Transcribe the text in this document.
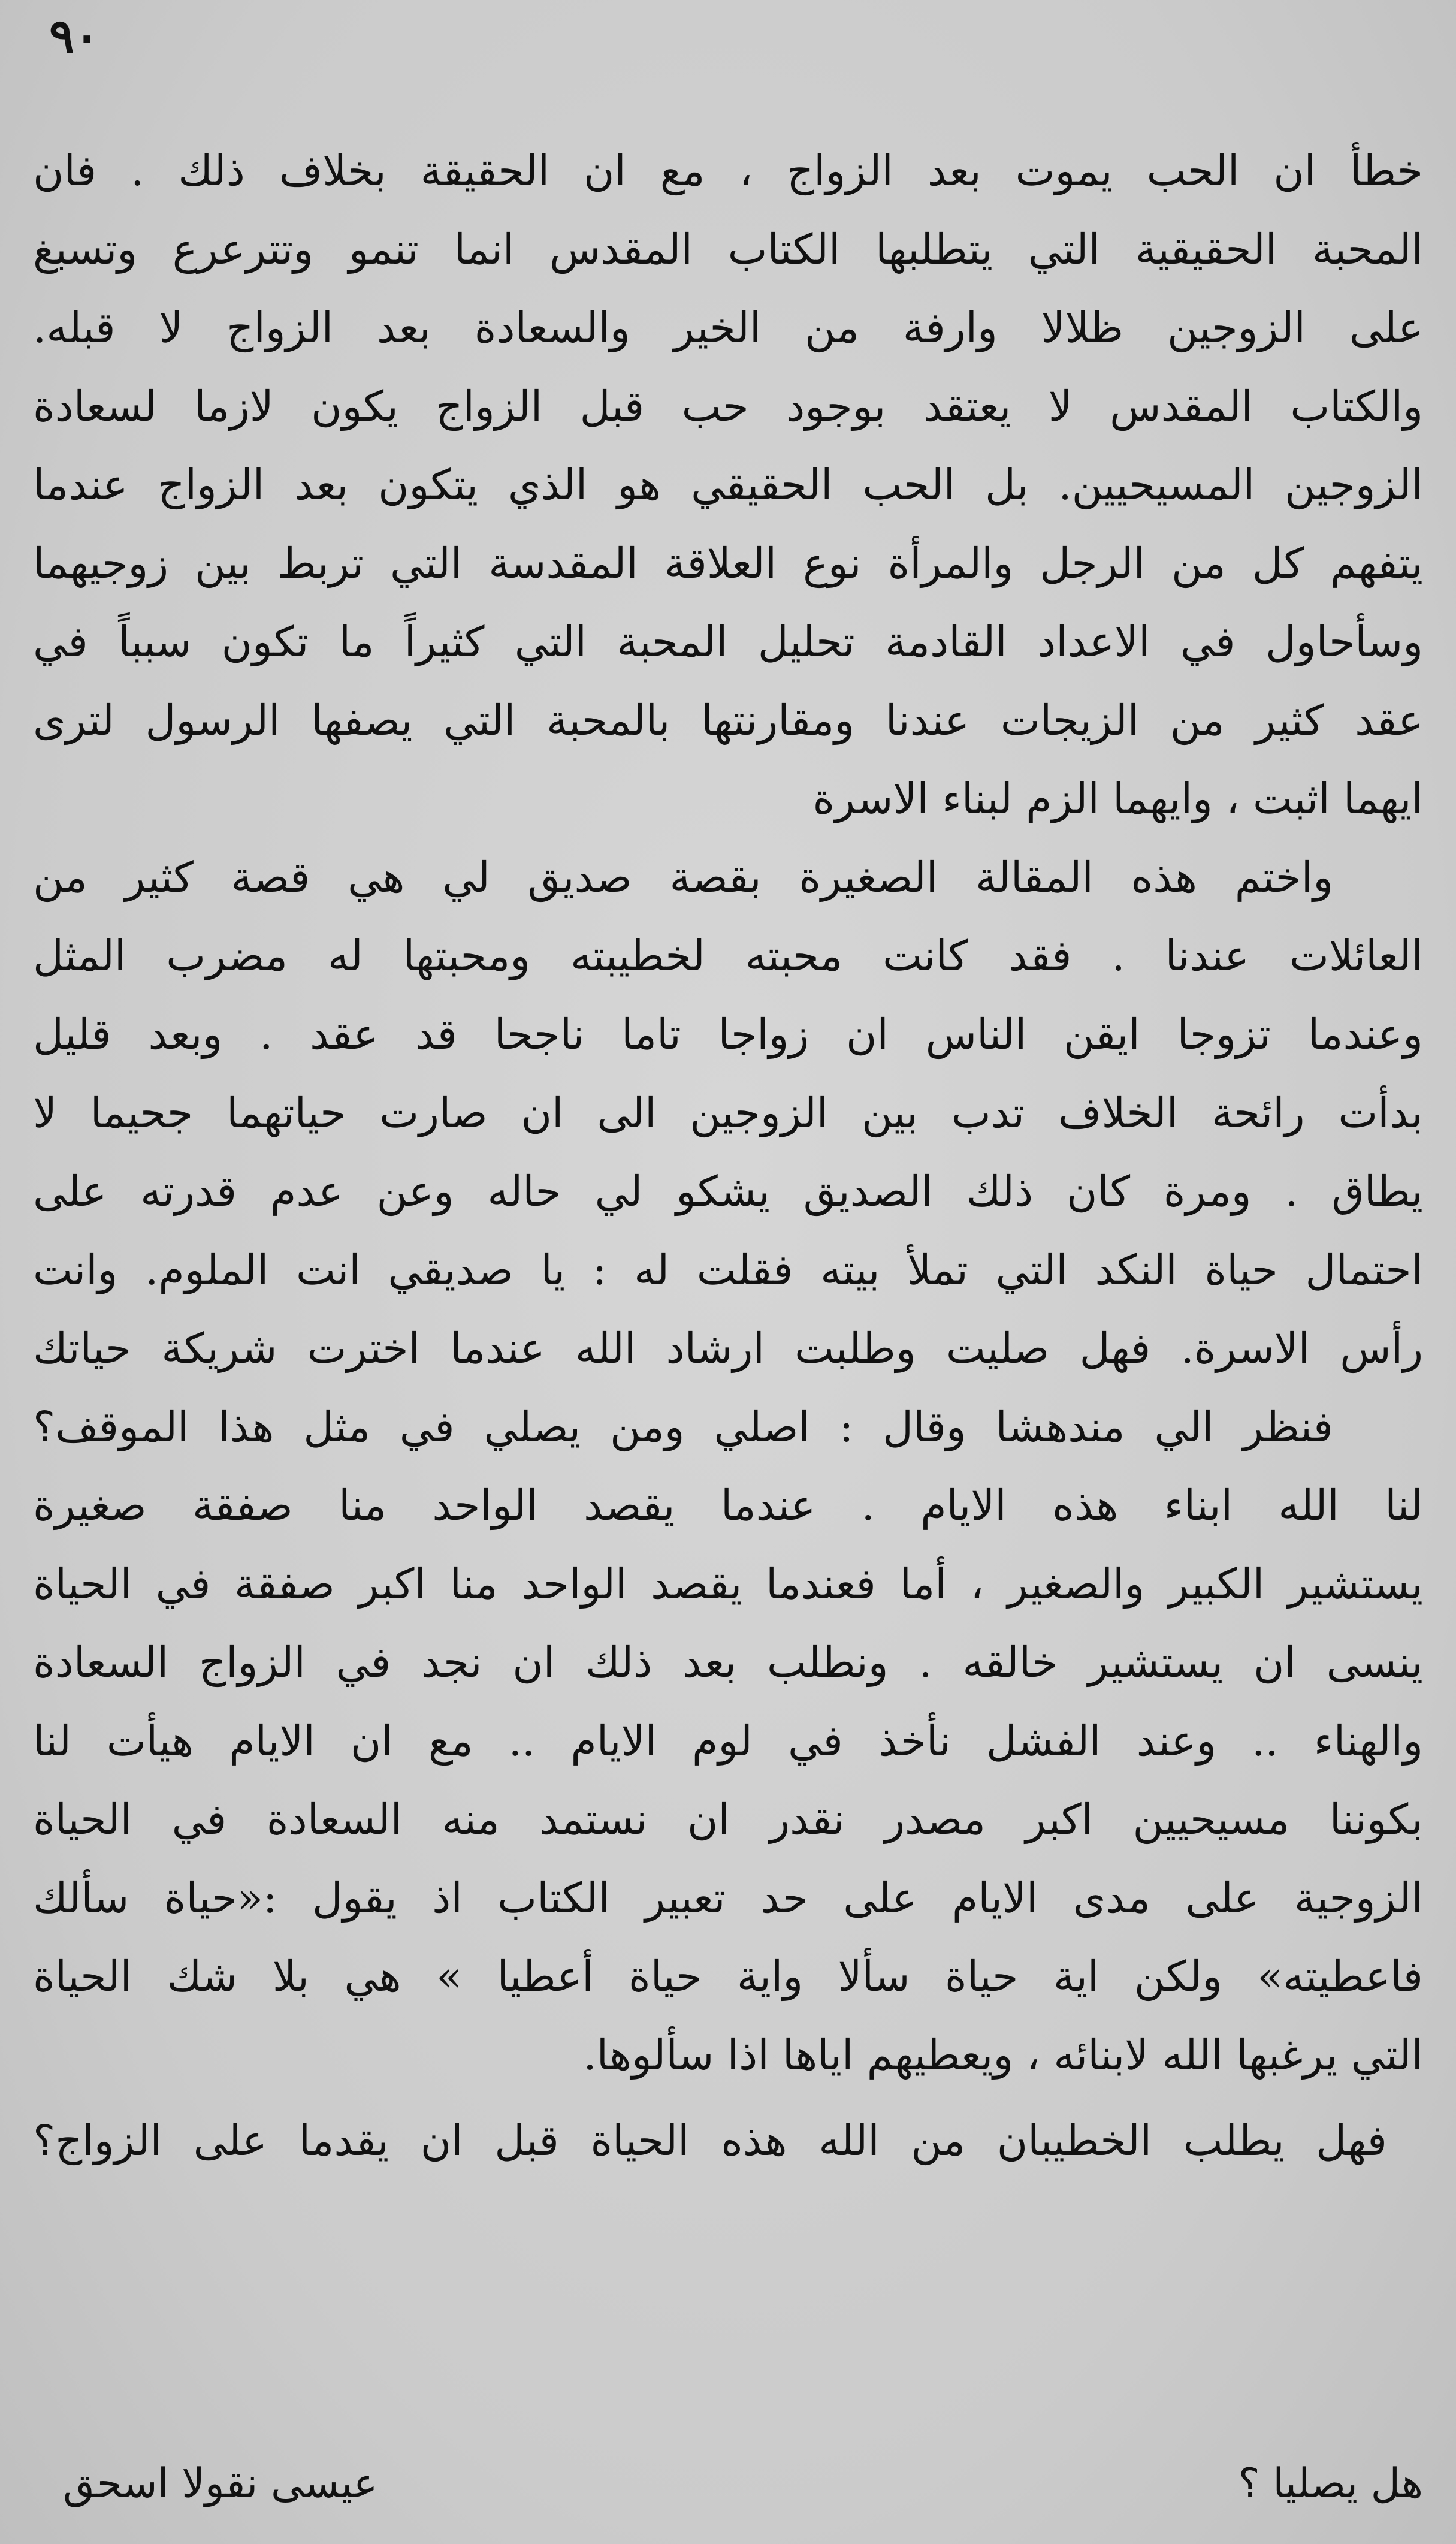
٩٠
خطأ ان الحب يموت بعد الزواج ، مع ان الحقيقة بخلاف ذلك . فان
المحبة الحقيقية التي يتطلبها الكتاب المقدس انما تنمو وتترعرع وتسبغ
على الزوجين ظلالا وارفة من الخير والسعادة بعد الزواج لا قبله.
والكتاب المقدس لا يعتقد بوجود حب قبل الزواج يكون لازما لسعادة
الزوجين المسيحيين. بل الحب الحقيقي هو الذي يتكون بعد الزواج عندما
يتفهم كل من الرجل والمرأة نوع العلاقة المقدسة التي تربط بين زوجيهما
وسأحاول في الاعداد القادمة تحليل المحبة التي كثيراً ما تكون سبباً في
عقد كثير من الزيجات عندنا ومقارنتها بالمحبة التي يصفها الرسول لترى
ايهما اثبت ، وايهما الزم لبناء الاسرة
واختم هذه المقالة الصغيرة بقصة صديق لي هي قصة كثير من
العائلات عندنا . فقد كانت محبته لخطيبته ومحبتها له مضرب المثل
وعندما تزوجا ايقن الناس ان زواجا تاما ناجحا قد عقد . وبعد قليل
بدأت رائحة الخلاف تدب بين الزوجين الى ان صارت حياتهما جحيما لا
يطاق . ومرة كان ذلك الصديق يشكو لي حاله وعن عدم قدرته على
احتمال حياة النكد التي تملأ بيته فقلت له : يا صديقي انت الملوم. وانت
رأس الاسرة. فهل صليت وطلبت ارشاد الله عندما اخترت شريكة حياتك
فنظر الي مندهشا وقال : اصلي ومن يصلي في مثل هذا الموقف؟
لنا الله ابناء هذه الايام . عندما يقصد الواحد منا صفقة صغيرة
يستشير الكبير والصغير ، أما فعندما يقصد الواحد منا اكبر صفقة في الحياة
ينسى ان يستشير خالقه . ونطلب بعد ذلك ان نجد في الزواج السعادة
والهناء .. وعند الفشل نأخذ في لوم الايام .. مع ان الايام هيأت لنا
بكوننا مسيحيين اكبر مصدر نقدر ان نستمد منه السعادة في الحياة
الزوجية على مدى الايام على حد تعبير الكتاب اذ يقول :«حياة سألك
فاعطيته» ولكن اية حياة سألا واية حياة أعطيا » هي بلا شك الحياة
التي يرغبها الله لابنائه ، ويعطيهم اياها اذا سألوها.
فهل يطلب الخطيبان من الله هذه الحياة قبل ان يقدما على الزواج؟
هل يصليا ؟
عيسى نقولا اسحق
